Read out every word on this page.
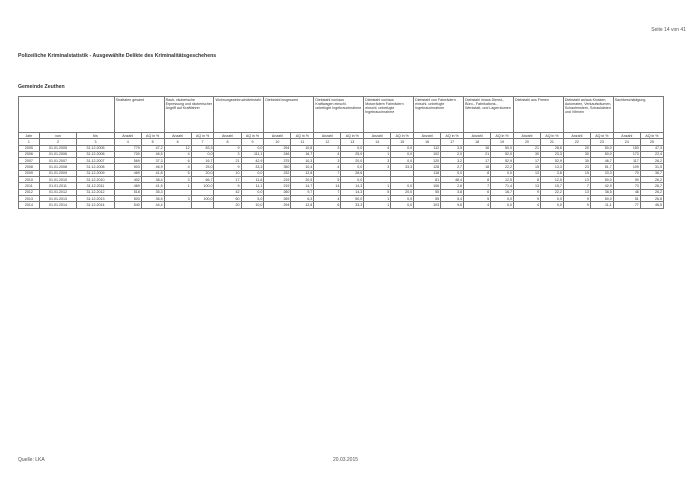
Seite 14 von 41
Polizeiliche Kriminalstatistik - Ausgewählte Delikte des Kriminalitätsgeschehens
Gemeinde Zeuthen
			Straftaten gesamt		Raub, räuberische Erpressung und räuberischer Angriff auf Kraftfahrer		Wohnungseinbruchdiebstahl		Diebstahl insgesamt		Diebstahl von/aus Kraftwagen einschl. unbefugte Ingebrauchnahme		Diebstahl von/aus Motorrädern Fahrrädern einschl. unbefugte Ingebrauchnahme		Diebstahl von Fahrrädern einschl. unbefugte Ingebrauchnahme		Diebstahl in/aus Dienst-, Büro-, Fabrikations-, Werkstatt- und Lagerräumen		Diebstahl aus Firmen		Diebstahl an/aus Kiosken, Automaten, Verkaufsräumen, Schaufenstern, Schaukästen und Vitrinen		Sachbeschädigung	
Jahr	von	bis	Anzahl	AQ in %	Anzahl	AQ in %	Anzahl	AQ in %	Anzahl	AQ in %	Anzahl	AQ in %	Anzahl	AQ in %	Anzahl	AQ in %	Anzahl	AQ in %	Anzahl	AQ in %	Anzahl	AQ in %	Anzahl	AQ in %
1	2	3	4	5	6	7	8	9	10	11	12	13	14	15	16	17	18	19	20	21	22	23	24	25
2005	01.01.2005	31.12.2005	779	47,2	12	83,3	9	0,0	294	10,8	3	0,0	4	0,0	112	3,5	16	50,0	21	28,6	20	50,0	150	47,3
2006	01.01.2006	31.12.2006	700	46,5	4	0,0	3	111,1	246	16,7	4	25,0	1	0,0	102	2,0	21	52,0	30	23,3	30	50,0	173	22,4
2007	01.01.2007	31.12.2007	569	37,3	6	16,7	21	42,9	375	10,3	3	20,0	3	0,0	120	3,2	17	52,9	17	52,9	30	46,7	117	26,2
2008	01.01.2008	31.12.2008	503	46,9	4	25,0	9	33,3	350	10,4	4	0,0	3	33,3	128	2,7	18	22,2	15	13,3	23	51,7	109	31,5
2009	01.01.2009	31.12.2009	469	41,8	5	20,0	10	0,0	232	12,8	7	28,6			118	0,0	8	0,0	13	3,8	15	33,3	70	36,7
2010	01.01.2010	31.12.2010	402	38,4	3	66,7	17	11,8	219	20,5	5	0,0			81	48,4	8	12,5	8	12,5	13	50,0	90	26,2
2011	01.01.2011	31.12.2011	469	41,5	1	100,0	9	11,1	219	14,7	14	14,3	1	0,0	106	2,8	7	71,4	13	15,7	7	42,9	73	26,7
2012	01.01.2012	31.12.2012	518	35,3			42	0,0	260	9,7	7	14,3	5	20,0	55	3,8	6	16,7	9	22,2	13	38,5	46	26,2
2013	01.01.2013	31.12.2013	503	36,5	3	100,0	60	5,0	269	6,3	4	50,0	1	0,0	55	5,4	5	0,0	9	0,0	9	50,0	51	26,8
2014	01.01.2014	31.12.2014	540	44,4			20	10,0	294	12,8	6	33,3	1	0,0	103	9,6	4	0,0	4	0,0	9	11,1	77	46,5
Quelle: LKA	20.03.2015
